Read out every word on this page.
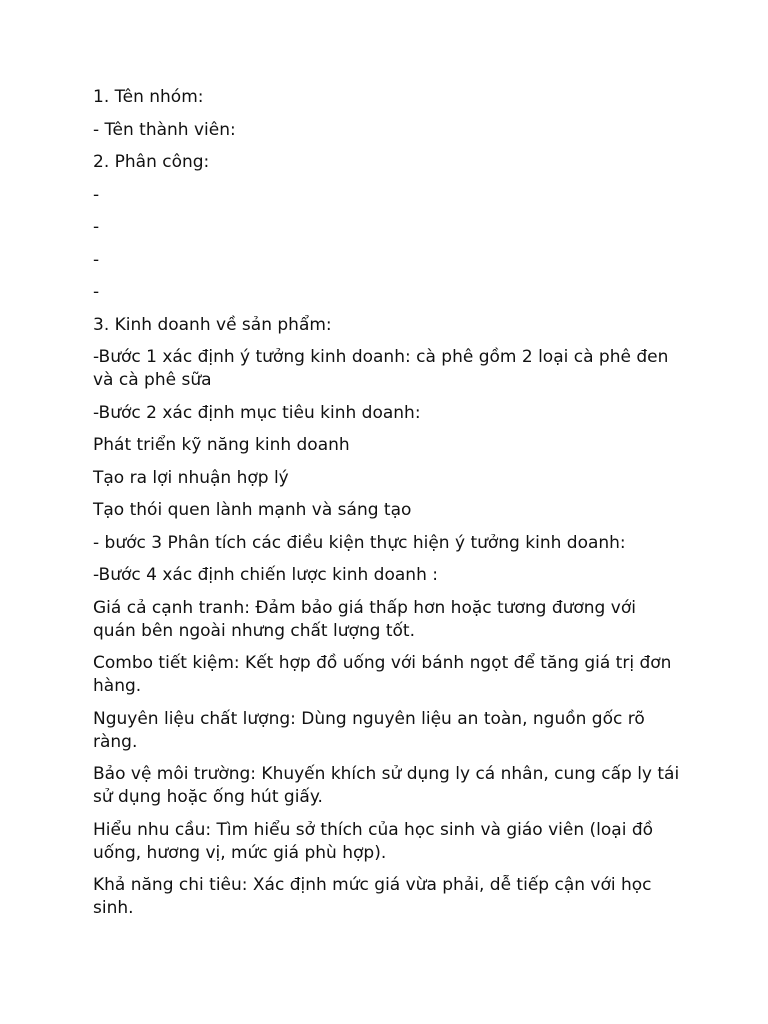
1. Tên nhóm:

- Tên thành viên:

2. Phân công:

-

-

-

-

3. Kinh doanh về sản phẩm:

-Bước 1 xác định ý tưởng kinh doanh: cà phê gồm 2 loại cà phê đen và cà phê sữa

-Bước 2 xác định mục tiêu kinh doanh:

Phát triển kỹ năng kinh doanh

Tạo ra lợi nhuận hợp lý

Tạo thói quen lành mạnh và sáng tạo

- bước 3 Phân tích các điều kiện thực hiện ý tưởng kinh doanh:

-Bước 4 xác định chiến lược kinh doanh :

Giá cả cạnh tranh: Đảm bảo giá thấp hơn hoặc tương đương với quán bên ngoài nhưng chất lượng tốt.

Combo tiết kiệm: Kết hợp đồ uống với bánh ngọt để tăng giá trị đơn hàng.

Nguyên liệu chất lượng: Dùng nguyên liệu an toàn, nguồn gốc rõ ràng.

Bảo vệ môi trường: Khuyến khích sử dụng ly cá nhân, cung cấp ly tái sử dụng hoặc ống hút giấy.

Hiểu nhu cầu: Tìm hiểu sở thích của học sinh và giáo viên (loại đồ uống, hương vị, mức giá phù hợp).

Khả năng chi tiêu: Xác định mức giá vừa phải, dễ tiếp cận với học sinh.
